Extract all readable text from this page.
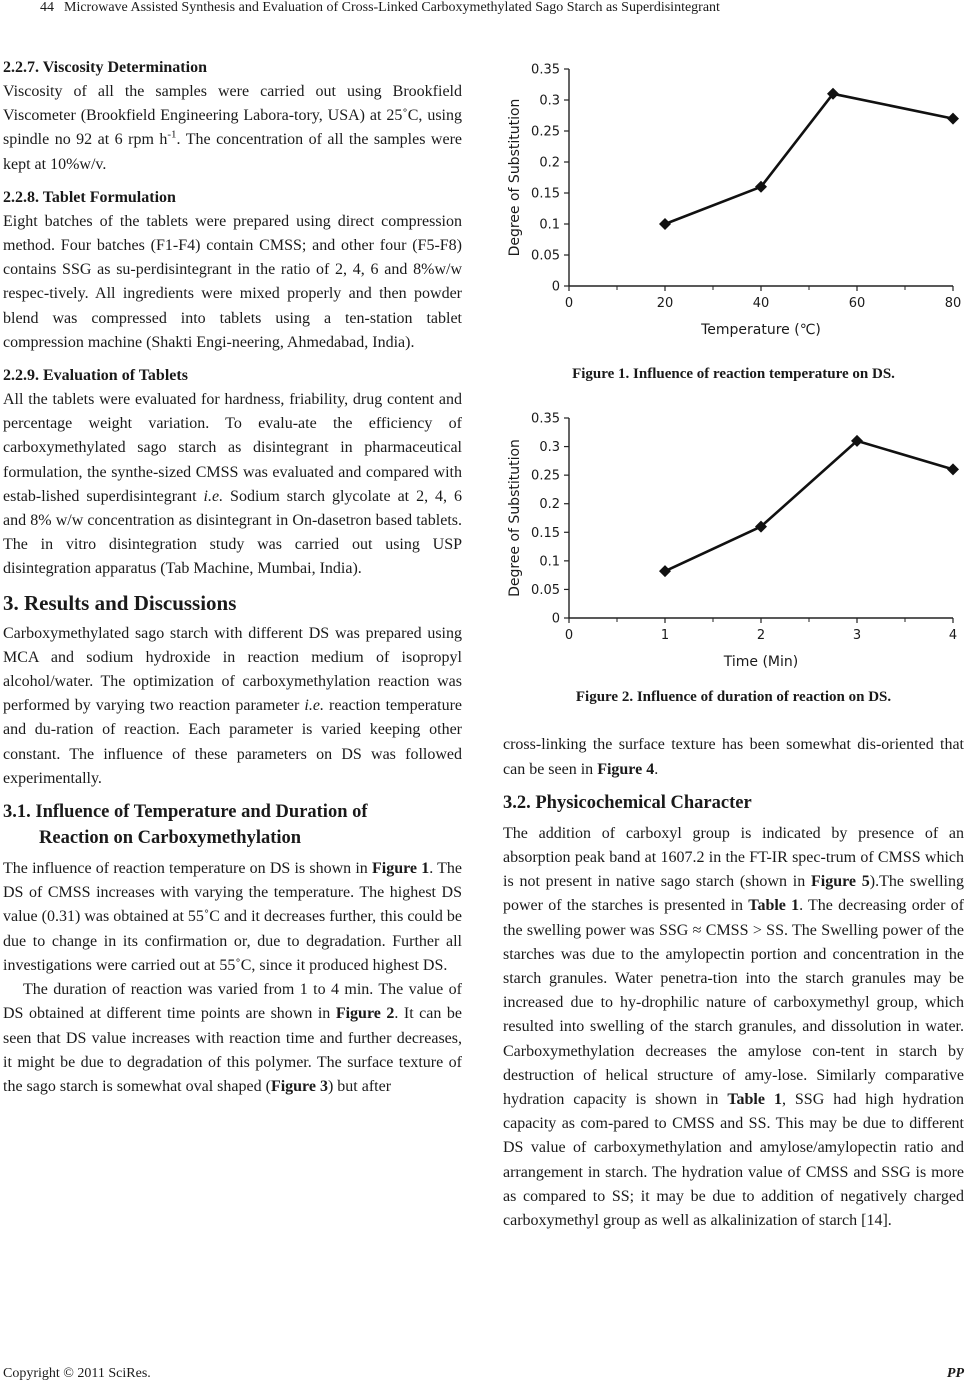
44 Microwave Assisted Synthesis and Evaluation of Cross-Linked Carboxymethylated Sago Starch as Superdisintegrant
2.2.7. Viscosity Determination

Viscosity of all the samples were carried out using Brookfield Viscometer (Brookfield Engineering Labora-tory, USA) at 25˚C, using spindle no 92 at 6 rpm $h^{-1}$. The concentration of all the samples were kept at 10%w/v.

2.2.8. Tablet Formulation

Eight batches of the tablets were prepared using direct compression method. Four batches (F1-F4) contain CMSS; and other four (F5-F8) contains SSG as su-perdisintegrant in the ratio of 2, 4, 6 and 8%w/w respec-tively. All ingredients were mixed properly and then powder blend was compressed into tablets using a ten-station tablet compression machine (Shakti Engi-neering, Ahmedabad, India).

2.2.9. Evaluation of Tablets

All the tablets were evaluated for hardness, friability, drug content and percentage weight variation. To evalu-ate the efficiency of carboxymethylated sago starch as disintegrant in pharmaceutical formulation, the synthe-sized CMSS was evaluated and compared with estab-lished superdisintegrant i.e. Sodium starch glycolate at 2, 4, 6 and 8% w/w concentration as disintegrant in On-dasetron based tablets. The in vitro disintegration study was carried out using USP disintegration apparatus (Tab Machine, Mumbai, India).

3. Results and Discussions

Carboxymethylated sago starch with different DS was prepared using MCA and sodium hydroxide in reaction medium of isopropyl alcohol/water. The optimization of carboxymethylation reaction was performed by varying two reaction parameter i.e. reaction temperature and du-ration of reaction. Each parameter is varied keeping other constant. The influence of these parameters on DS was followed experimentally.

3.1. Influence of Temperature and Duration of
Reaction on Carboxymethylation

The influence of reaction temperature on DS is shown in Figure 1. The DS of CMSS increases with varying the temperature. The highest DS value (0.31) was obtained at 55˚C and it decreases further, this could be due to change in its confirmation or, due to degradation. Further all investigations were carried out at 55˚C, since it produced highest DS.

The duration of reaction was varied from 1 to 4 min. The value of DS obtained at different time points are shown in Figure 2. It can be seen that DS value increases with reaction time and further decreases, it might be due to degradation of this polymer. The surface texture of the sago starch is somewhat oval shaped (Figure 3) but after

0
0.05
0.1
0.15
0.2
0.25
0.3
0.35
0	20	40	60	80
Temperature (℃)
Degree of Substitution

Figure 1. Influence of reaction temperature on DS.

0
0.05
0.1
0.15
0.2
0.25
0.3
0.35
0	1	2	3	4
Time (Min)
Degree of Substitution

Figure 2. Influence of duration of reaction on DS.

cross-linking the surface texture has been somewhat dis-oriented that can be seen in Figure 4.

3.2. Physicochemical Character

The addition of carboxyl group is indicated by presence of an absorption peak band at 1607.2 in the FT-IR spec-trum of CMSS which is not present in native sago starch (shown in Figure 5).The swelling power of the starches is presented in Table 1. The decreasing order of the swelling power was SSG ≈ CMSS > SS. The Swelling power of the starches was due to the amylopectin portion and concentration in the starch granules. Water penetra-tion into the starch granules may be increased due to hy-drophilic nature of carboxymethyl group, which resulted into swelling of the starch granules, and dissolution in water. Carboxymethylation decreases the amylose con-tent in starch by destruction of helical structure of amy-lose. Similarly comparative hydration capacity is shown in Table 1, SSG had high hydration capacity as com-pared to CMSS and SS. This may be due to different DS value of carboxymethylation and amylose/amylopectin ratio and arrangement in starch. The hydration value of CMSS and SSG is more as compared to SS; it may be due to addition of negatively charged carboxymethyl group as well as alkalinization of starch [14].

Copyright © 2011 SciRes.	PP
